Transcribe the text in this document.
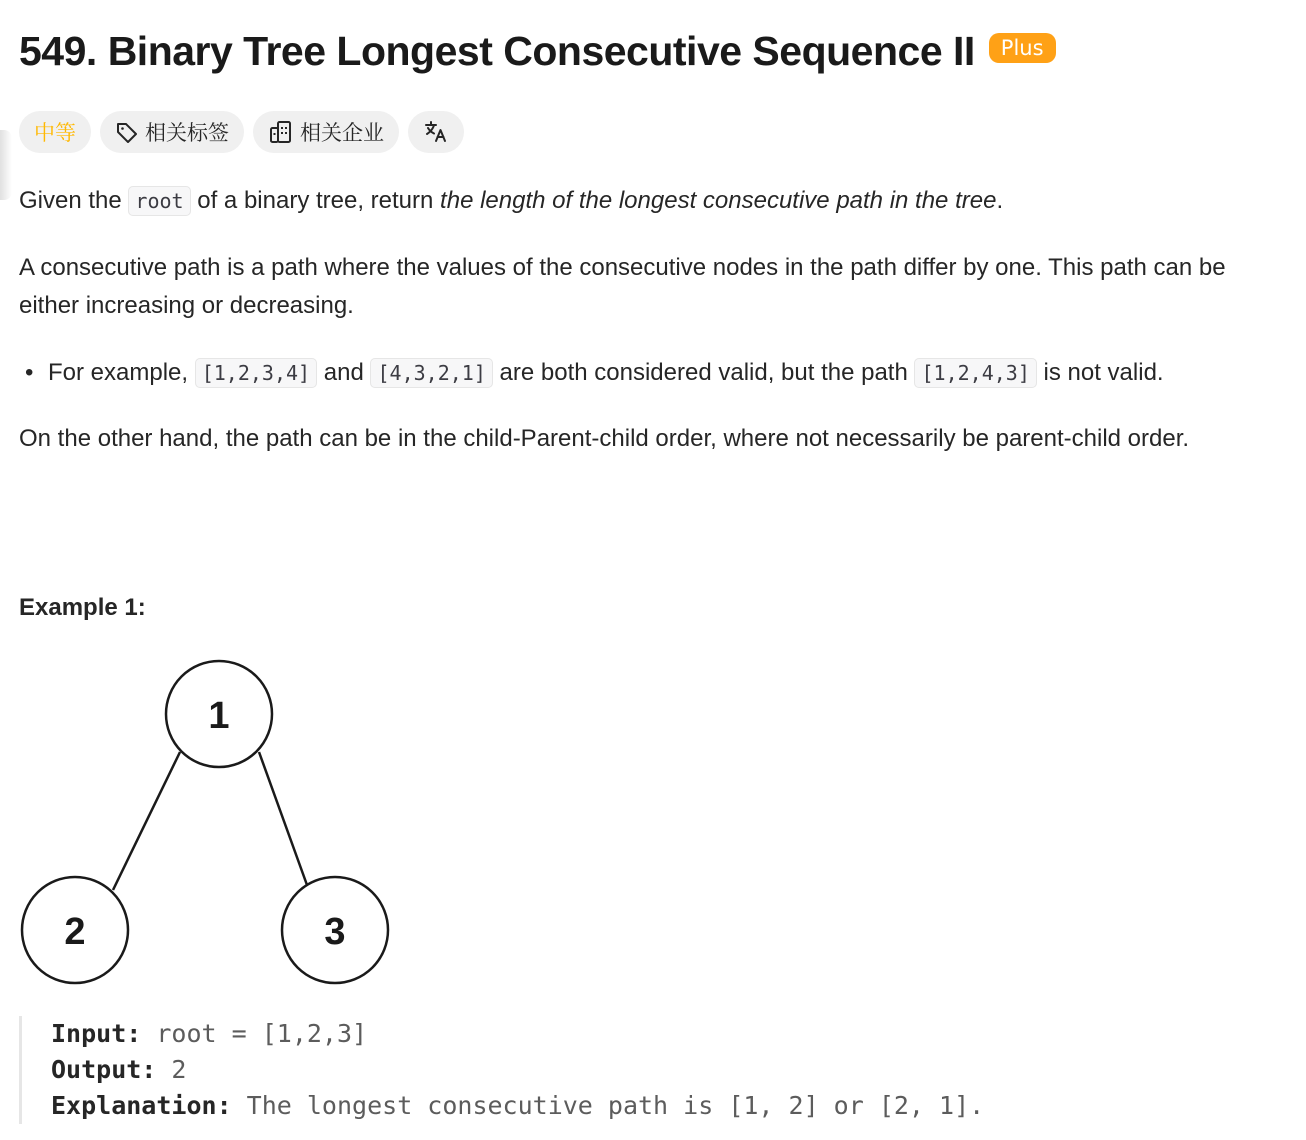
549. Binary Tree Longest Consecutive Sequence II	Plus
中等	相关标签	相关企业
Given the root of a binary tree, return the length of the longest consecutive path in the tree.
A consecutive path is a path where the values of the consecutive nodes in the path differ by one. This path can be either increasing or decreasing.
• For example, [1,2,3,4] and [4,3,2,1] are both considered valid, but the path [1,2,4,3] is not valid.
On the other hand, the path can be in the child-Parent-child order, where not necessarily be parent-child order.
Example 1:
1
2	3
Input: root = [1,2,3]
Output: 2
Explanation: The longest consecutive path is [1, 2] or [2, 1].
